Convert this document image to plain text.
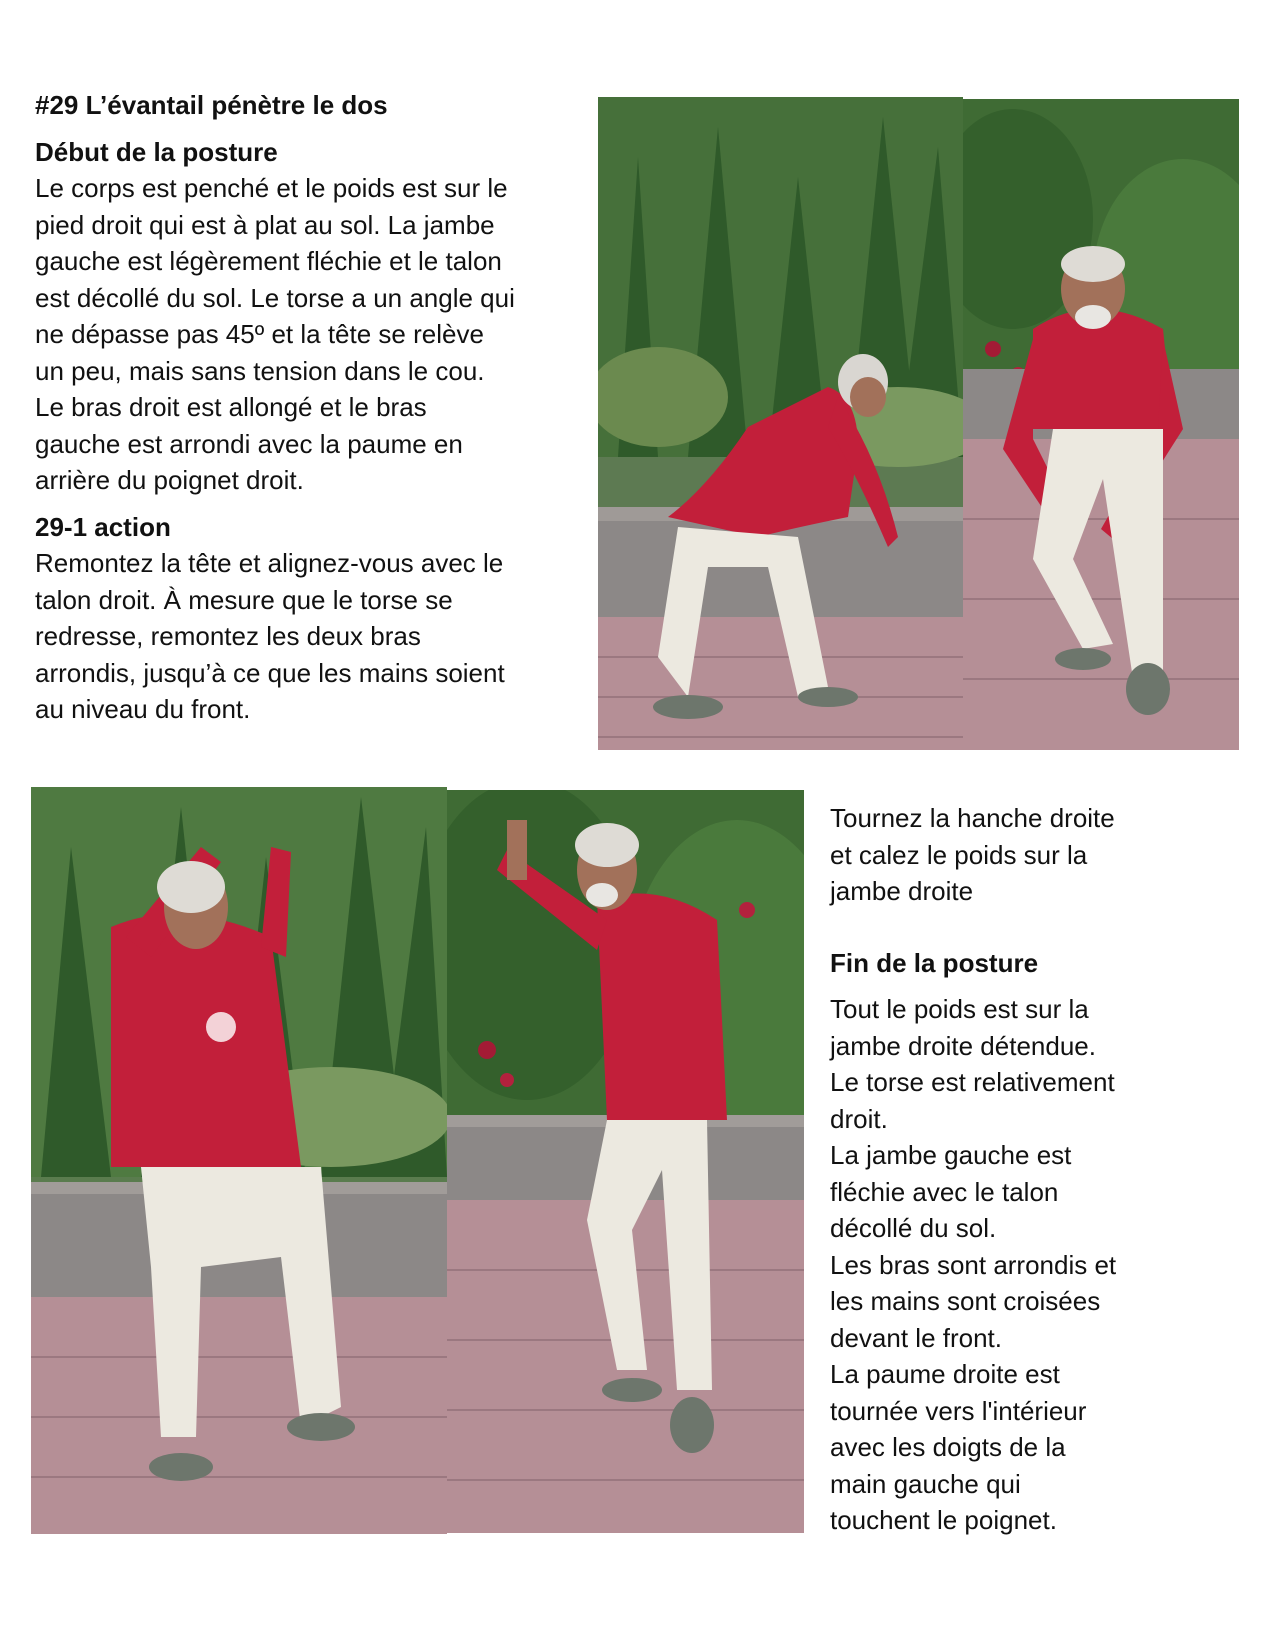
#29 L’évantail pénètre le dos

Début de la posture

Le corps est penché et le poids est sur le

pied droit qui est à plat au sol. La jambe

gauche est légèrement fléchie et le talon

est décollé du sol. Le torse a un angle qui

ne dépasse pas 45º et la tête se relève

un peu, mais sans tension dans le cou.

Le bras droit est allongé et le bras

gauche est arrondi avec la paume en

arrière du poignet droit.

29-1 action

Remontez la tête et alignez-vous avec le

talon droit. À mesure que le torse se

redresse, remontez les deux bras

arrondis, jusqu’à ce que les mains soient

au niveau du front.

Tournez la hanche droite

et calez le poids sur la

jambe droite

Fin de la posture

Tout le poids est sur la

jambe droite détendue.

Le torse est relativement

droit.

La jambe gauche est

fléchie avec le talon

décollé du sol.

Les bras sont arrondis et

les mains sont croisées

devant le front.

La paume droite est

tournée vers l'intérieur

avec les doigts de la

main gauche qui

touchent le poignet.
